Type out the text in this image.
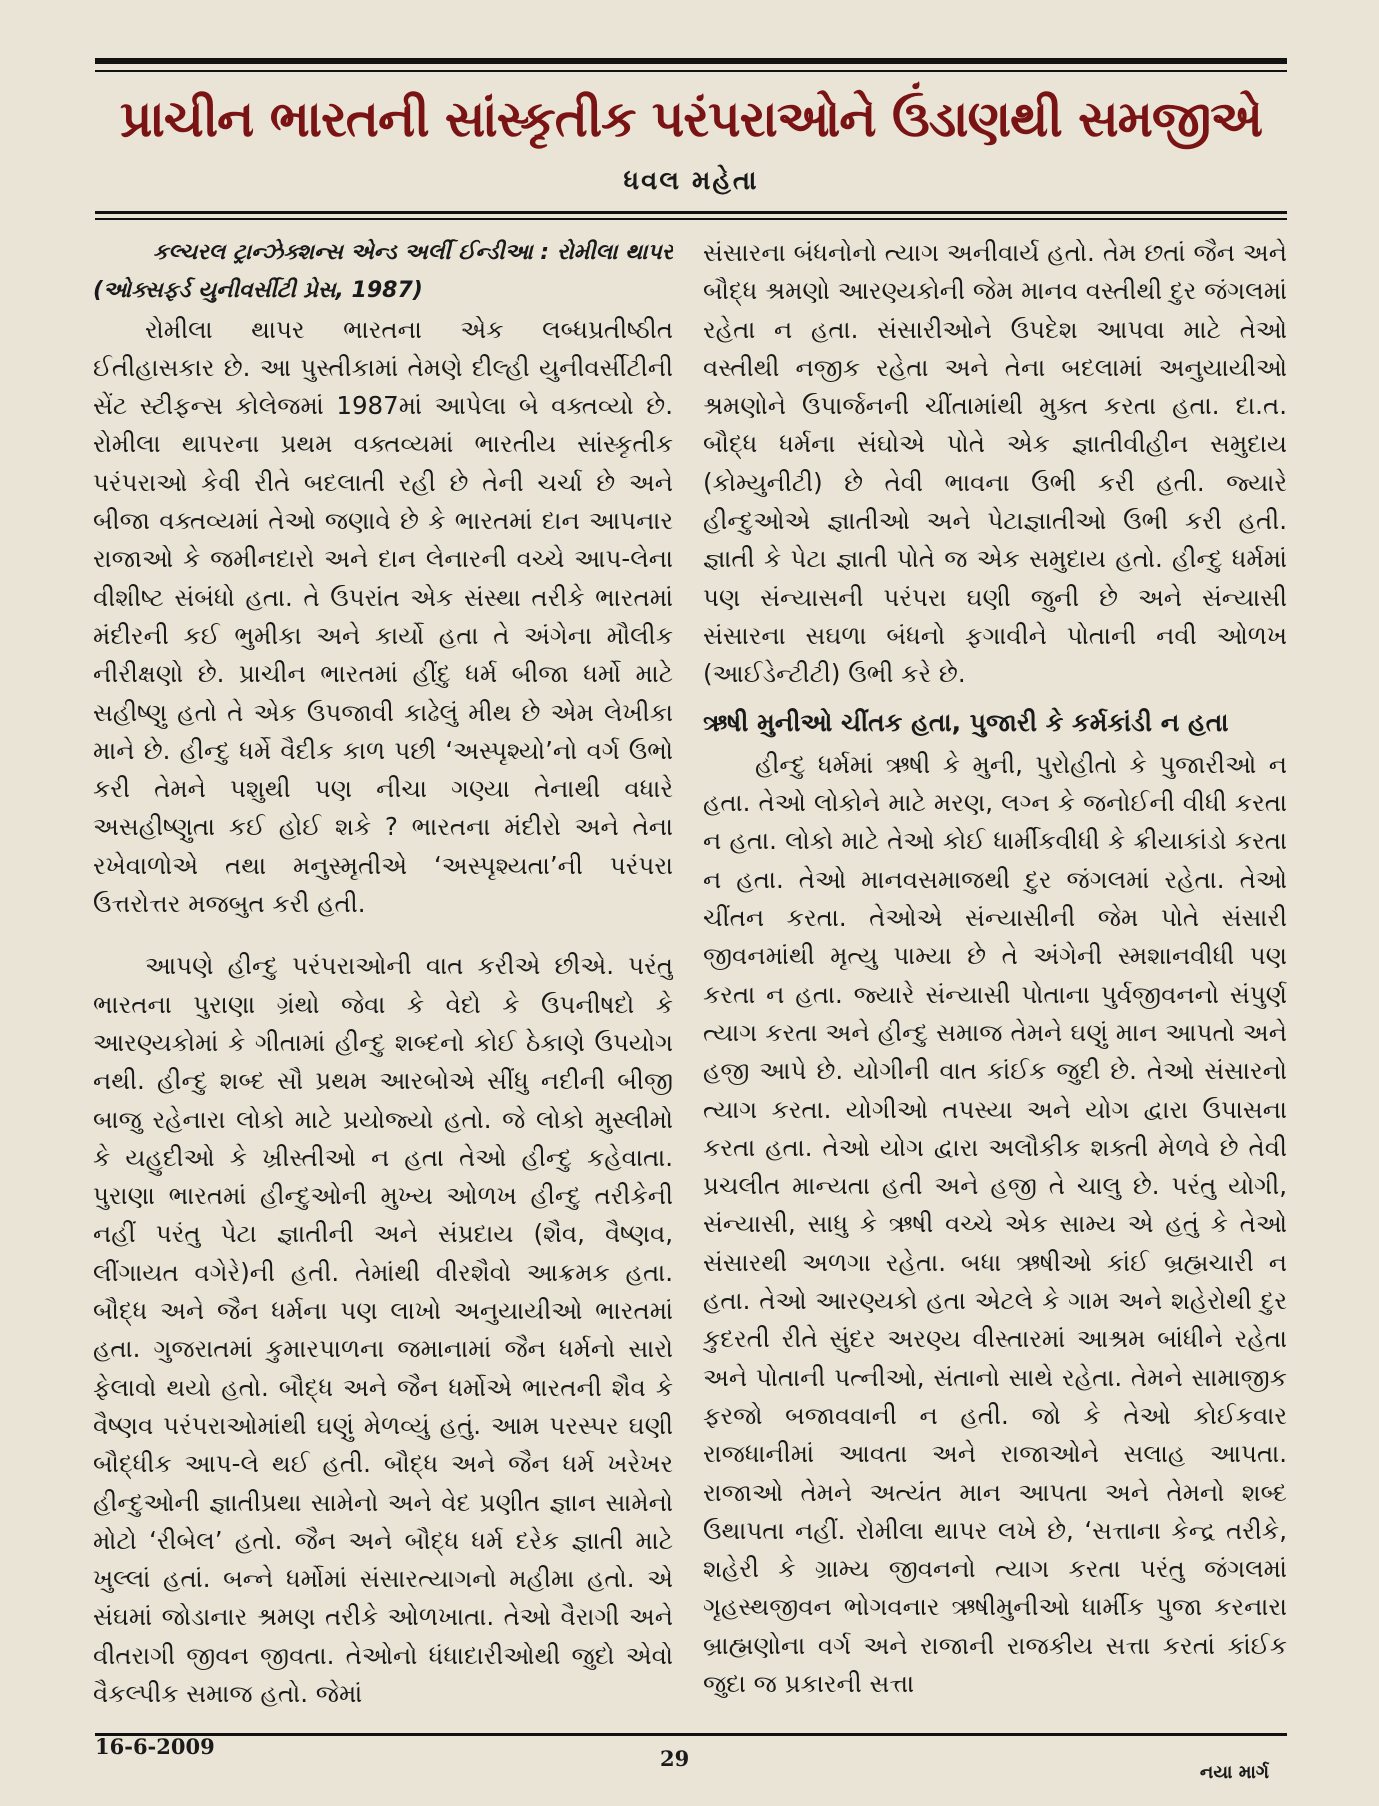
પ્રાચીન ભારતની સાંસ્કૃતીક પરંપરાઓને ઉંડાણથી સમજીએ
ધવલ મહેતા

કલ્ચરલ ટ્રાન્ઝેક્શન્સ એન્ડ અર્લી ઈન્ડીઆ : રોમીલા થાપર

(ઓક્સફર્ડ યુનીવર્સીટી પ્રેસ, 1987)

રોમીલા થાપર ભારતના એક લબ્ધપ્રતીષ્ઠીત ઈતીહાસકાર છે. આ પુસ્તીકામાં તેમણે દીલ્હી યુનીવર્સીટીની સેંટ સ્ટીફન્સ કોલેજમાં 1987માં આપેલા બે વક્તવ્યો છે. રોમીલા થાપરના પ્રથમ વક્તવ્યમાં ભારતીય સાંસ્કૃતીક પરંપરાઓ કેવી રીતે બદલાતી રહી છે તેની ચર્ચા છે અને બીજા વક્તવ્યમાં તેઓ જણાવે છે કે ભારતમાં દાન આપનાર રાજાઓ કે જમીનદારો અને દાન લેનારની વચ્ચે આપ-લેના વીશીષ્ટ સંબંધો હતા. તે ઉપરાંત એક સંસ્થા તરીકે ભારતમાં મંદીરની કઈ ભુમીકા અને કાર્યો હતા તે અંગેના મૌલીક નીરીક્ષણો છે. પ્રાચીન ભારતમાં હીંદુ ધર્મ બીજા ધર્મો માટે સહીષ્ણુ હતો તે એક ઉપજાવી કાઢેલું મીથ છે એમ લેખીકા માને છે. હીન્દુ ધર્મે વૈદીક કાળ પછી ‘અસ્પૃશ્યો’નો વર્ગ ઉભો કરી તેમને પશુથી પણ નીચા ગણ્યા તેનાથી વધારે અસહીષ્ણુતા કઈ હોઈ શકે ? ભારતના મંદીરો અને તેના રખેવાળોએ તથા મનુસ્મૃતીએ ‘અસ્પૃશ્યતા’ની પરંપરા ઉત્તરોત્તર મજબુત કરી હતી.

આપણે હીન્દુ પરંપરાઓની વાત કરીએ છીએ. પરંતુ ભારતના પુરાણા ગ્રંથો જેવા કે વેદો કે ઉપનીષદો કે આરણ્યકોમાં કે ગીતામાં હીન્દુ શબ્દનો કોઈ ઠેકાણે ઉપયોગ નથી. હીન્દુ શબ્દ સૌ પ્રથમ આરબોએ સીંધુ નદીની બીજી બાજુ રહેનારા લોકો માટે પ્રયોજ્યો હતો. જે લોકો મુસ્લીમો કે યહુદીઓ કે ખ્રીસ્તીઓ ન હતા તેઓ હીન્દુ કહેવાતા. પુરાણા ભારતમાં હીન્દુઓની મુખ્ય ઓળખ હીન્દુ તરીકેની નહીં પરંતુ પેટા જ્ઞાતીની અને સંપ્રદાય (શૈવ, વૈષ્ણવ, લીંગાયત વગેરે)ની હતી. તેમાંથી વીરશૈવો આક્રમક હતા. બૌદ્ધ અને જૈન ધર્મના પણ લાખો અનુયાયીઓ ભારતમાં હતા. ગુજરાતમાં કુમારપાળના જમાનામાં જૈન ધર્મનો સારો ફેલાવો થયો હતો. બૌદ્ધ અને જૈન ધર્મોએ ભારતની શૈવ કે વૈષ્ણવ પરંપરાઓમાંથી ઘણું મેળવ્યું હતું. આમ પરસ્પર ઘણી બૌદ્ધીક આપ-લે થઈ હતી. બૌદ્ધ અને જૈન ધર્મ ખરેખર હીન્દુઓની જ્ઞાતીપ્રથા સામેનો અને વેદ પ્રણીત જ્ઞાન સામેનો મોટો ‘રીબેલ’ હતો. જૈન અને બૌદ્ધ ધર્મ દરેક જ્ઞાતી માટે ખુલ્લાં હતાં. બન્ને ધર્મોમાં સંસારત્યાગનો મહીમા હતો. એ સંઘમાં જોડાનાર શ્રમણ તરીકે ઓળખાતા. તેઓ વૈરાગી અને વીતરાગી જીવન જીવતા. તેઓનો ધંધાદારીઓથી જુદો એવો વૈકલ્પીક સમાજ હતો. જેમાં

સંસારના બંધનોનો ત્યાગ અનીવાર્ય હતો. તેમ છતાં જૈન અને બૌદ્ધ શ્રમણો આરણ્યકોની જેમ માનવ વસ્તીથી દુર જંગલમાં રહેતા ન હતા. સંસારીઓને ઉપદેશ આપવા માટે તેઓ વસ્તીથી નજીક રહેતા અને તેના બદલામાં અનુયાયીઓ શ્રમણોને ઉપાર્જનની ચીંતામાંથી મુક્ત કરતા હતા. દા.ત. બૌદ્ધ ધર્મના સંઘોએ પોતે એક જ્ઞાતીવીહીન સમુદાય (કોમ્યુનીટી) છે તેવી ભાવના ઉભી કરી હતી. જ્યારે હીન્દુઓએ જ્ઞાતીઓ અને પેટાજ્ઞાતીઓ ઉભી કરી હતી. જ્ઞાતી કે પેટા જ્ઞાતી પોતે જ એક સમુદાય હતો. હીન્દુ ધર્મમાં પણ સંન્યાસની પરંપરા ઘણી જુની છે અને સંન્યાસી સંસારના સઘળા બંધનો ફગાવીને પોતાની નવી ઓળખ (આઈડેન્ટીટી) ઉભી કરે છે.

ઋષી મુનીઓ ચીંતક હતા, પુજારી કે કર્મકાંડી ન હતા

હીન્દુ ધર્મમાં ઋષી કે મુની, પુરોહીતો કે પુજારીઓ ન હતા. તેઓ લોકોને માટે મરણ, લગ્ન કે જનોઈની વીધી કરતા ન હતા. લોકો માટે તેઓ કોઈ ધાર્મીકવીધી કે ક્રીયાકાંડો કરતા ન હતા. તેઓ માનવસમાજથી દુર જંગલમાં રહેતા. તેઓ ચીંતન કરતા. તેઓએ સંન્યાસીની જેમ પોતે સંસારી જીવનમાંથી મૃત્યુ પામ્યા છે તે અંગેની સ્મશાનવીધી પણ કરતા ન હતા. જ્યારે સંન્યાસી પોતાના પુર્વજીવનનો સંપુર્ણ ત્યાગ કરતા અને હીન્દુ સમાજ તેમને ઘણું માન આપતો અને હજી આપે છે. યોગીની વાત કાંઈક જુદી છે. તેઓ સંસારનો ત્યાગ કરતા. યોગીઓ તપસ્યા અને યોગ દ્વારા ઉપાસના કરતા હતા. તેઓ યોગ દ્વારા અલૌકીક શક્તી મેળવે છે તેવી પ્રચલીત માન્યતા હતી અને હજી તે ચાલુ છે. પરંતુ યોગી, સંન્યાસી, સાધુ કે ઋષી વચ્ચે એક સામ્ય એ હતું કે તેઓ સંસારથી અળગા રહેતા. બધા ઋષીઓ કાંઈ બ્રહ્મચારી ન હતા. તેઓ આરણ્યકો હતા એટલે કે ગામ અને શહેરોથી દુર કુદરતી રીતે સુંદર અરણ્ય વીસ્તારમાં આશ્રમ બાંધીને રહેતા અને પોતાની પત્નીઓ, સંતાનો સાથે રહેતા. તેમને સામાજીક ફરજો બજાવવાની ન હતી. જો કે તેઓ કોઈકવાર રાજધાનીમાં આવતા અને રાજાઓને સલાહ આપતા. રાજાઓ તેમને અત્યંત માન આપતા અને તેમનો શબ્દ ઉથાપતા નહીં. રોમીલા થાપર લખે છે, ‘સત્તાના કેન્દ્ર તરીકે, શહેરી કે ગ્રામ્ય જીવનનો ત્યાગ કરતા પરંતુ જંગલમાં ગૃહસ્થજીવન ભોગવનાર ઋષીમુનીઓ ધાર્મીક પુજા કરનારા બ્રાહ્મણોના વર્ગ અને રાજાની રાજકીય સત્તા કરતાં કાંઈક જુદા જ પ્રકારની સત્તા

16-6-2009	29
નયા માર્ગ
